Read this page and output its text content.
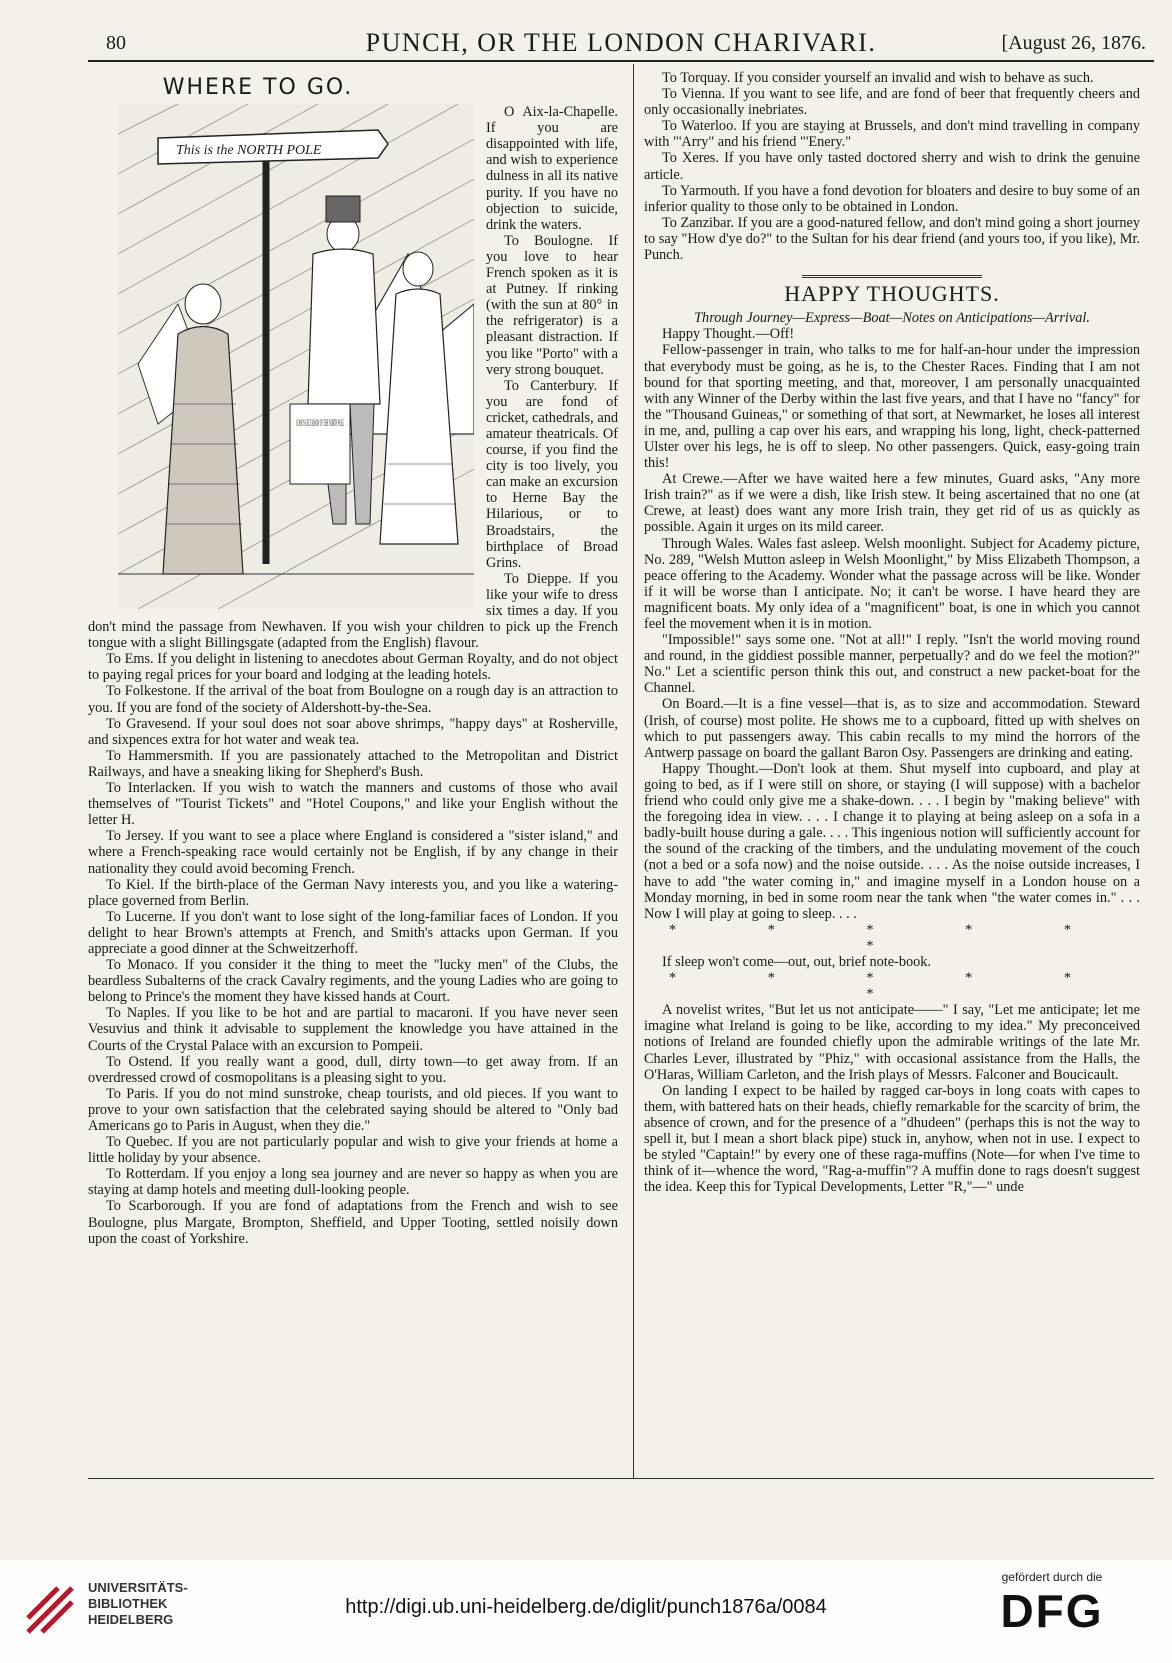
80	PUNCH, OR THE LONDON CHARIVARI.	[August 26, 1876.
WHERE TO GO.
This is the NORTH POLE
COOK'S EXCURSION TO THE NORTH POLE

O Aix-la-Chapelle. If you are disappointed with life, and wish to experience dulness in all its native purity. If you have no objection to suicide, drink the waters.

To Boulogne. If you love to hear French spoken as it is at Putney. If rinking (with the sun at 80° in the refrigerator) is a pleasant distraction. If you like "Porto" with a very strong bouquet.

To Canterbury. If you are fond of cricket, cathedrals, and amateur theatricals. Of course, if you find the city is too lively, you can make an excursion to Herne Bay the Hilarious, or to Broadstairs, the birthplace of Broad Grins.

To Dieppe. If you like your wife to dress six times a day. If you don't mind the passage from Newhaven. If you wish your children to pick up the French tongue with a slight Billingsgate (adapted from the English) flavour.

To Ems. If you delight in listening to anecdotes about German Royalty, and do not object to paying regal prices for your board and lodging at the leading hotels.

To Folkestone. If the arrival of the boat from Boulogne on a rough day is an attraction to you. If you are fond of the society of Aldershott-by-the-Sea.

To Gravesend. If your soul does not soar above shrimps, "happy days" at Rosherville, and sixpences extra for hot water and weak tea.

To Hammersmith. If you are passionately attached to the Metropolitan and District Railways, and have a sneaking liking for Shepherd's Bush.

To Interlacken. If you wish to watch the manners and customs of those who avail themselves of "Tourist Tickets" and "Hotel Coupons," and like your English without the letter H.

To Jersey. If you want to see a place where England is considered a "sister island," and where a French-speaking race would certainly not be English, if by any change in their nationality they could avoid becoming French.

To Kiel. If the birth-place of the German Navy interests you, and you like a watering-place governed from Berlin.

To Lucerne. If you don't want to lose sight of the long-familiar faces of London. If you delight to hear Brown's attempts at French, and Smith's attacks upon German. If you appreciate a good dinner at the Schweitzerhoff.

To Monaco. If you consider it the thing to meet the "lucky men" of the Clubs, the beardless Subalterns of the crack Cavalry regiments, and the young Ladies who are going to belong to Prince's the moment they have kissed hands at Court.

To Naples. If you like to be hot and are partial to macaroni. If you have never seen Vesuvius and think it advisable to supplement the knowledge you have attained in the Courts of the Crystal Palace with an excursion to Pompeii.

To Ostend. If you really want a good, dull, dirty town—to get away from. If an overdressed crowd of cosmopolitans is a pleasing sight to you.

To Paris. If you do not mind sunstroke, cheap tourists, and old pieces. If you want to prove to your own satisfaction that the celebrated saying should be altered to "Only bad Americans go to Paris in August, when they die."

To Quebec. If you are not particularly popular and wish to give your friends at home a little holiday by your absence.

To Rotterdam. If you enjoy a long sea journey and are never so happy as when you are staying at damp hotels and meeting dull-looking people.

To Scarborough. If you are fond of adaptations from the French and wish to see Boulogne, plus Margate, Brompton, Sheffield, and Upper Tooting, settled noisily down upon the coast of Yorkshire.

To Torquay. If you consider yourself an invalid and wish to behave as such.

To Vienna. If you want to see life, and are fond of beer that frequently cheers and only occasionally inebriates.

To Waterloo. If you are staying at Brussels, and don't mind travelling in company with "'Arry" and his friend "'Enery."

To Xeres. If you have only tasted doctored sherry and wish to drink the genuine article.

To Yarmouth. If you have a fond devotion for bloaters and desire to buy some of an inferior quality to those only to be obtained in London.

To Zanzibar. If you are a good-natured fellow, and don't mind going a short journey to say "How d'ye do?" to the Sultan for his dear friend (and yours too, if you like), Mr. Punch.

HAPPY THOUGHTS.

Through Journey—Express—Boat—Notes on Anticipations—Arrival.

Happy Thought.—Off!

Fellow-passenger in train, who talks to me for half-an-hour under the impression that everybody must be going, as he is, to the Chester Races. Finding that I am not bound for that sporting meeting, and that, moreover, I am personally unacquainted with any Winner of the Derby within the last five years, and that I have no "fancy" for the "Thousand Guineas," or something of that sort, at Newmarket, he loses all interest in me, and, pulling a cap over his ears, and wrapping his long, light, check-patterned Ulster over his legs, he is off to sleep. No other passengers. Quick, easy-going train this!

At Crewe.—After we have waited here a few minutes, Guard asks, "Any more Irish train?" as if we were a dish, like Irish stew. It being ascertained that no one (at Crewe, at least) does want any more Irish train, they get rid of us as quickly as possible. Again it urges on its mild career.

Through Wales. Wales fast asleep. Welsh moonlight. Subject for Academy picture, No. 289, "Welsh Mutton asleep in Welsh Moonlight," by Miss Elizabeth Thompson, a peace offering to the Academy. Wonder what the passage across will be like. Wonder if it will be worse than I anticipate. No; it can't be worse. I have heard they are magnificent boats. My only idea of a "magnificent" boat, is one in which you cannot feel the movement when it is in motion.

"Impossible!" says some one. "Not at all!" I reply. "Isn't the world moving round and round, in the giddiest possible manner, perpetually? and do we feel the motion?" No." Let a scientific person think this out, and construct a new packet-boat for the Channel.

On Board.—It is a fine vessel—that is, as to size and accommodation. Steward (Irish, of course) most polite. He shows me to a cupboard, fitted up with shelves on which to put passengers away. This cabin recalls to my mind the horrors of the Antwerp passage on board the gallant Baron Osy. Passengers are drinking and eating.

Happy Thought.—Don't look at them. Shut myself into cupboard, and play at going to bed, as if I were still on shore, or staying (I will suppose) with a bachelor friend who could only give me a shake-down. . . . I begin by "making believe" with the foregoing idea in view. . . . I change it to playing at being asleep on a sofa in a badly-built house during a gale. . . . This ingenious notion will sufficiently account for the sound of the cracking of the timbers, and the undulating movement of the couch (not a bed or a sofa now) and the noise outside. . . . As the noise outside increases, I have to add "the water coming in," and imagine myself in a London house on a Monday morning, in bed in some room near the tank when "the water comes in." . . . Now I will play at going to sleep. . . .

* * * * * *

If sleep won't come—out, out, brief note-book.

* * * * * *

A novelist writes, "But let us not anticipate——" I say, "Let me anticipate; let me imagine what Ireland is going to be like, according to my idea." My preconceived notions of Ireland are founded chiefly upon the admirable writings of the late Mr. Charles Lever, illustrated by "Phiz," with occasional assistance from the Halls, the O'Haras, William Carleton, and the Irish plays of Messrs. Falconer and Boucicault.

On landing I expect to be hailed by ragged car-boys in long coats with capes to them, with battered hats on their heads, chiefly remarkable for the scarcity of brim, the absence of crown, and for the presence of a "dhudeen" (perhaps this is not the way to spell it, but I mean a short black pipe) stuck in, anyhow, when not in use. I expect to be styled "Captain!" by every one of these raga-muffins (Note—for when I've time to think of it—whence the word, "Rag-a-muffin"? A muffin done to rags doesn't suggest the idea. Keep this for Typical Developments, Letter "R,"—" unde

UNIVERSITÄTS-
BIBLIOTHEK
HEIDELBERG
http://digi.ub.uni-heidelberg.de/diglit/punch1876a/0084
gefördert durch die
DFG
